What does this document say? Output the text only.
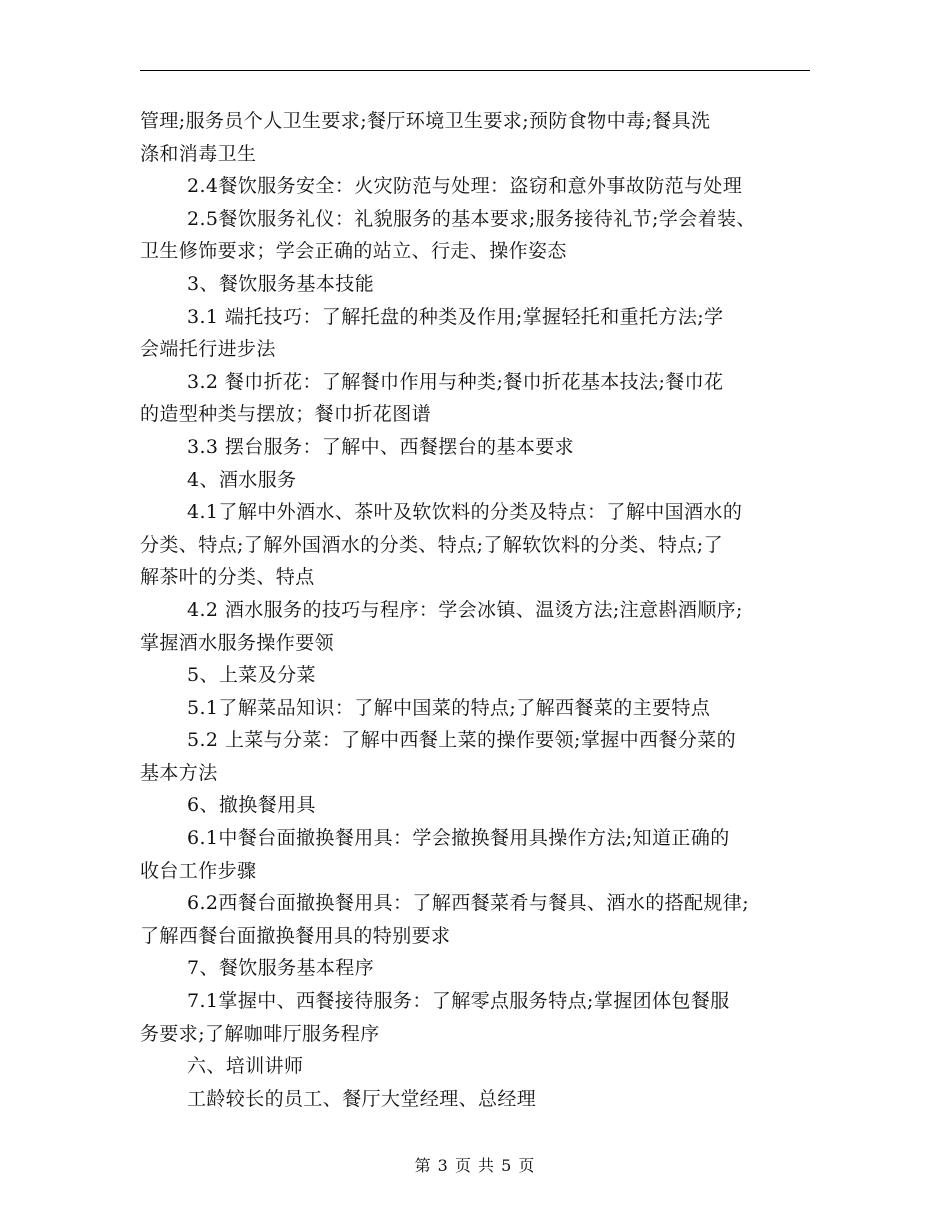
管理;服务员个人卫生要求;餐厅环境卫生要求;预防食物中毒;餐具洗
涤和消毒卫生
2.4餐饮服务安全：火灾防范与处理：盗窃和意外事故防范与处理
2.5餐饮服务礼仪：礼貌服务的基本要求;服务接待礼节;学会着装、
卫生修饰要求；学会正确的站立、行走、操作姿态
3、餐饮服务基本技能
3.1 端托技巧：了解托盘的种类及作用;掌握轻托和重托方法;学
会端托行进步法
3.2 餐巾折花：了解餐巾作用与种类;餐巾折花基本技法;餐巾花
的造型种类与摆放；餐巾折花图谱
3.3 摆台服务：了解中、西餐摆台的基本要求
4、酒水服务
4.1了解中外酒水、茶叶及软饮料的分类及特点：了解中国酒水的
分类、特点;了解外国酒水的分类、特点;了解软饮料的分类、特点;了
解茶叶的分类、特点
4.2 酒水服务的技巧与程序：学会冰镇、温烫方法;注意斟酒顺序;
掌握酒水服务操作要领
5、上菜及分菜
5.1了解菜品知识：了解中国菜的特点;了解西餐菜的主要特点
5.2 上菜与分菜：了解中西餐上菜的操作要领;掌握中西餐分菜的
基本方法
6、撤换餐用具
6.1中餐台面撤换餐用具：学会撤换餐用具操作方法;知道正确的
收台工作步骤
6.2西餐台面撤换餐用具：了解西餐菜肴与餐具、酒水的搭配规律;
了解西餐台面撤换餐用具的特别要求
7、餐饮服务基本程序
7.1掌握中、西餐接待服务：了解零点服务特点;掌握团体包餐服
务要求;了解咖啡厅服务程序
六、培训讲师
工龄较长的员工、餐厅大堂经理、总经理
第 3 页 共 5 页
